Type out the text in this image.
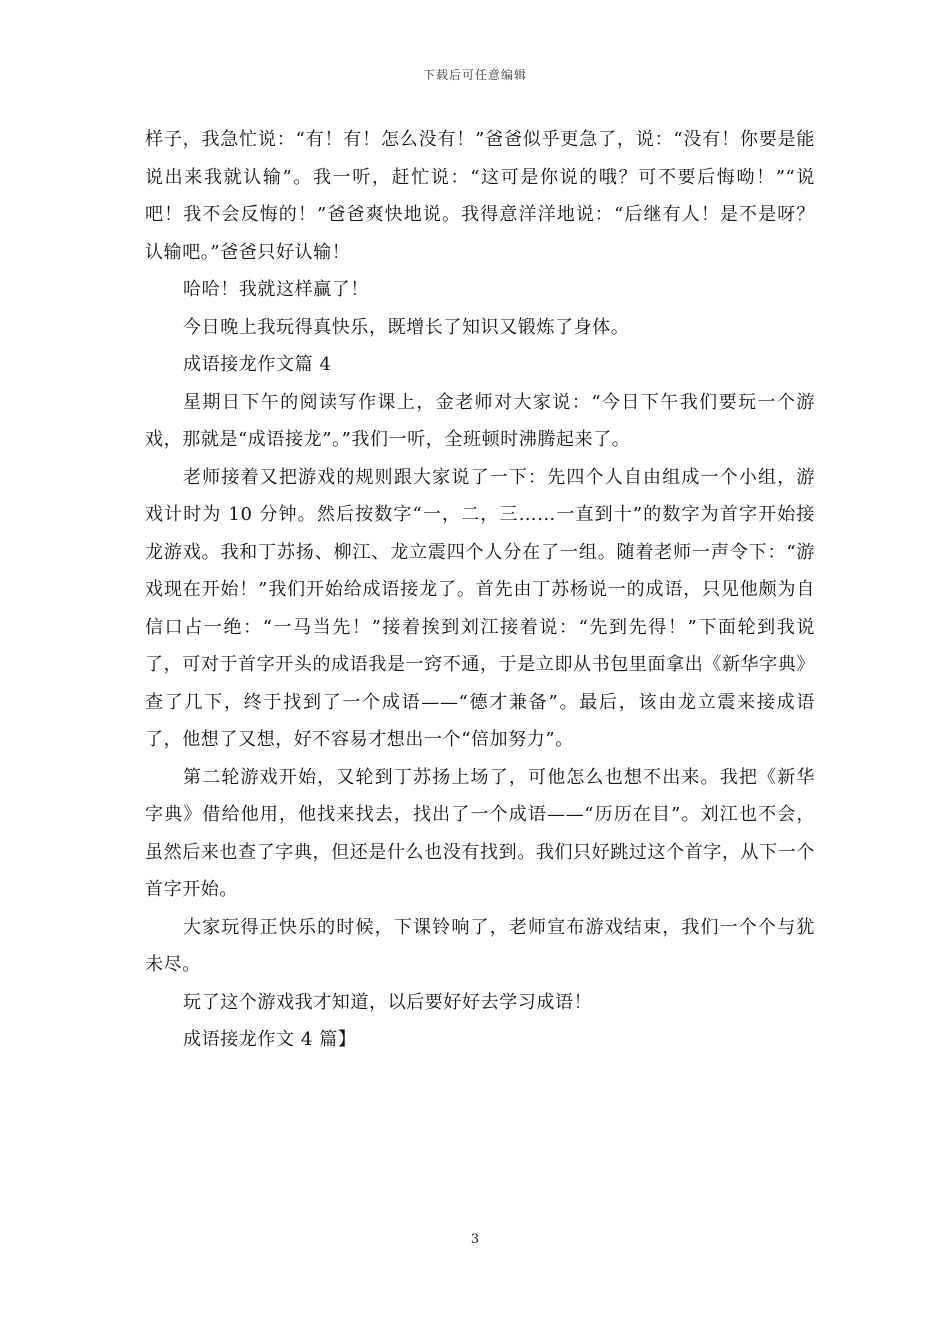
下载后可任意编辑

样子，我急忙说：“有！有！怎么没有！”爸爸似乎更急了，说：“没有！你要是能说出来我就认输”。我一听，赶忙说：“这可是你说的哦？可不要后悔呦！”“说吧！我不会反悔的！”爸爸爽快地说。我得意洋洋地说：“后继有人！是不是呀？认输吧。”爸爸只好认输！

哈哈！我就这样赢了！

今日晚上我玩得真快乐，既增长了知识又锻炼了身体。

成语接龙作文篇 4

星期日下午的阅读写作课上，金老师对大家说：“今日下午我们要玩一个游戏，那就是“成语接龙”。”我们一听，全班顿时沸腾起来了。

老师接着又把游戏的规则跟大家说了一下：先四个人自由组成一个小组，游戏计时为 10 分钟。然后按数字“一，二，三……一直到十”的数字为首字开始接龙游戏。我和丁苏扬、柳江、龙立震四个人分在了一组。随着老师一声令下：“游戏现在开始！”我们开始给成语接龙了。首先由丁苏杨说一的成语，只见他颇为自信口占一绝：“一马当先！”接着挨到刘江接着说：“先到先得！”下面轮到我说了，可对于首字开头的成语我是一窍不通，于是立即从书包里面拿出《新华字典》查了几下，终于找到了一个成语——“德才兼备”。最后，该由龙立震来接成语了，他想了又想，好不容易才想出一个“倍加努力”。

第二轮游戏开始，又轮到丁苏扬上场了，可他怎么也想不出来。我把《新华字典》借给他用，他找来找去，找出了一个成语——“历历在目”。刘江也不会，虽然后来也查了字典，但还是什么也没有找到。我们只好跳过这个首字，从下一个首字开始。

大家玩得正快乐的时候，下课铃响了，老师宣布游戏结束，我们一个个与犹未尽。

玩了这个游戏我才知道，以后要好好去学习成语！

成语接龙作文 4 篇】

3
